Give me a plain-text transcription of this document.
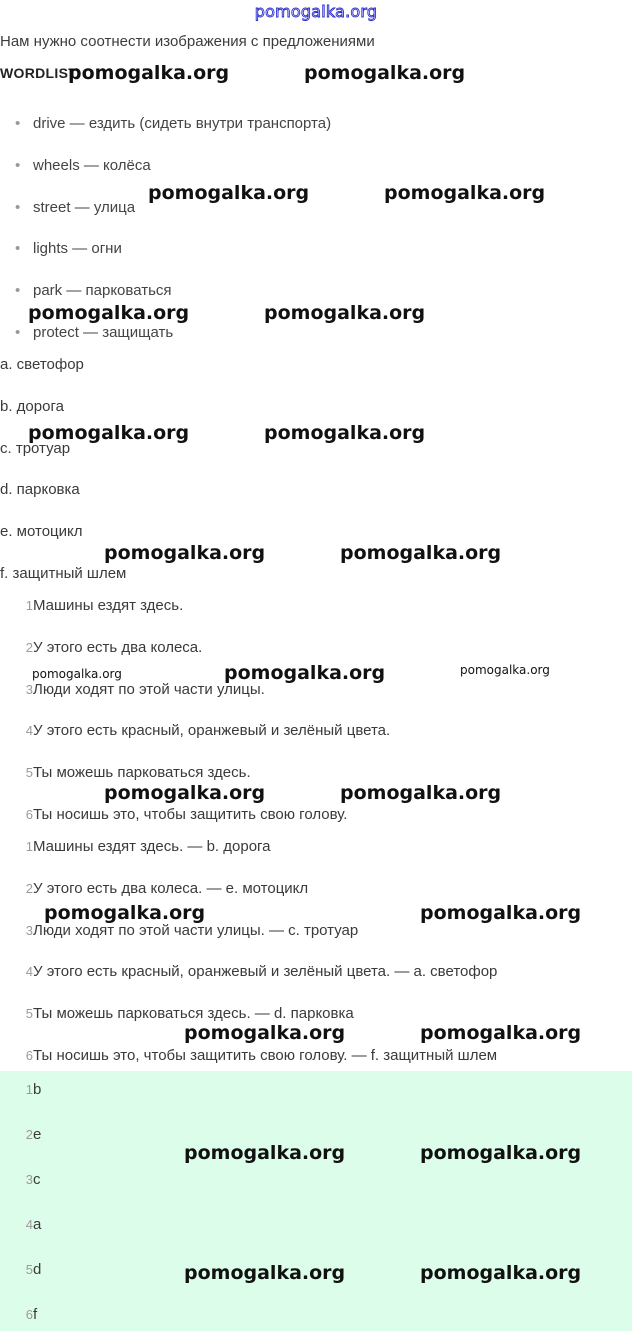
pomogalka.org
Нам нужно соотнести изображения с предложениями
WORDLIST
• drive — ездить (сидеть внутри транспорта)
• wheels — колёса
• street — улица
• lights — огни
• park — парковаться
• protect — защищать
a. светофор
b. дорога
c. тротуар
d. парковка
e. мотоцикл
f. защитный шлем
1Машины ездят здесь.
2У этого есть два колеса.
3Люди ходят по этой части улицы.
4У этого есть красный, оранжевый и зелёный цвета.
5Ты можешь парковаться здесь.
6Ты носишь это, чтобы защитить свою голову.
1Машины ездят здесь. — b. дорога
2У этого есть два колеса. — e. мотоцикл
3Люди ходят по этой части улицы. — c. тротуар
4У этого есть красный, оранжевый и зелёный цвета. — a. светофор
5Ты можешь парковаться здесь. — d. парковка
6Ты носишь это, чтобы защитить свою голову. — f. защитный шлем
1b
2e
3c
4a
5d
6f
pomogalka.org	pomogalka.org
pomogalka.org	pomogalka.org
pomogalka.org	pomogalka.org
pomogalka.org	pomogalka.org
pomogalka.org	pomogalka.org
pomogalka.org	pomogalka.org	pomogalka.org
pomogalka.org	pomogalka.org
pomogalka.org	pomogalka.org
pomogalka.org	pomogalka.org
pomogalka.org	pomogalka.org
pomogalka.org	pomogalka.org
